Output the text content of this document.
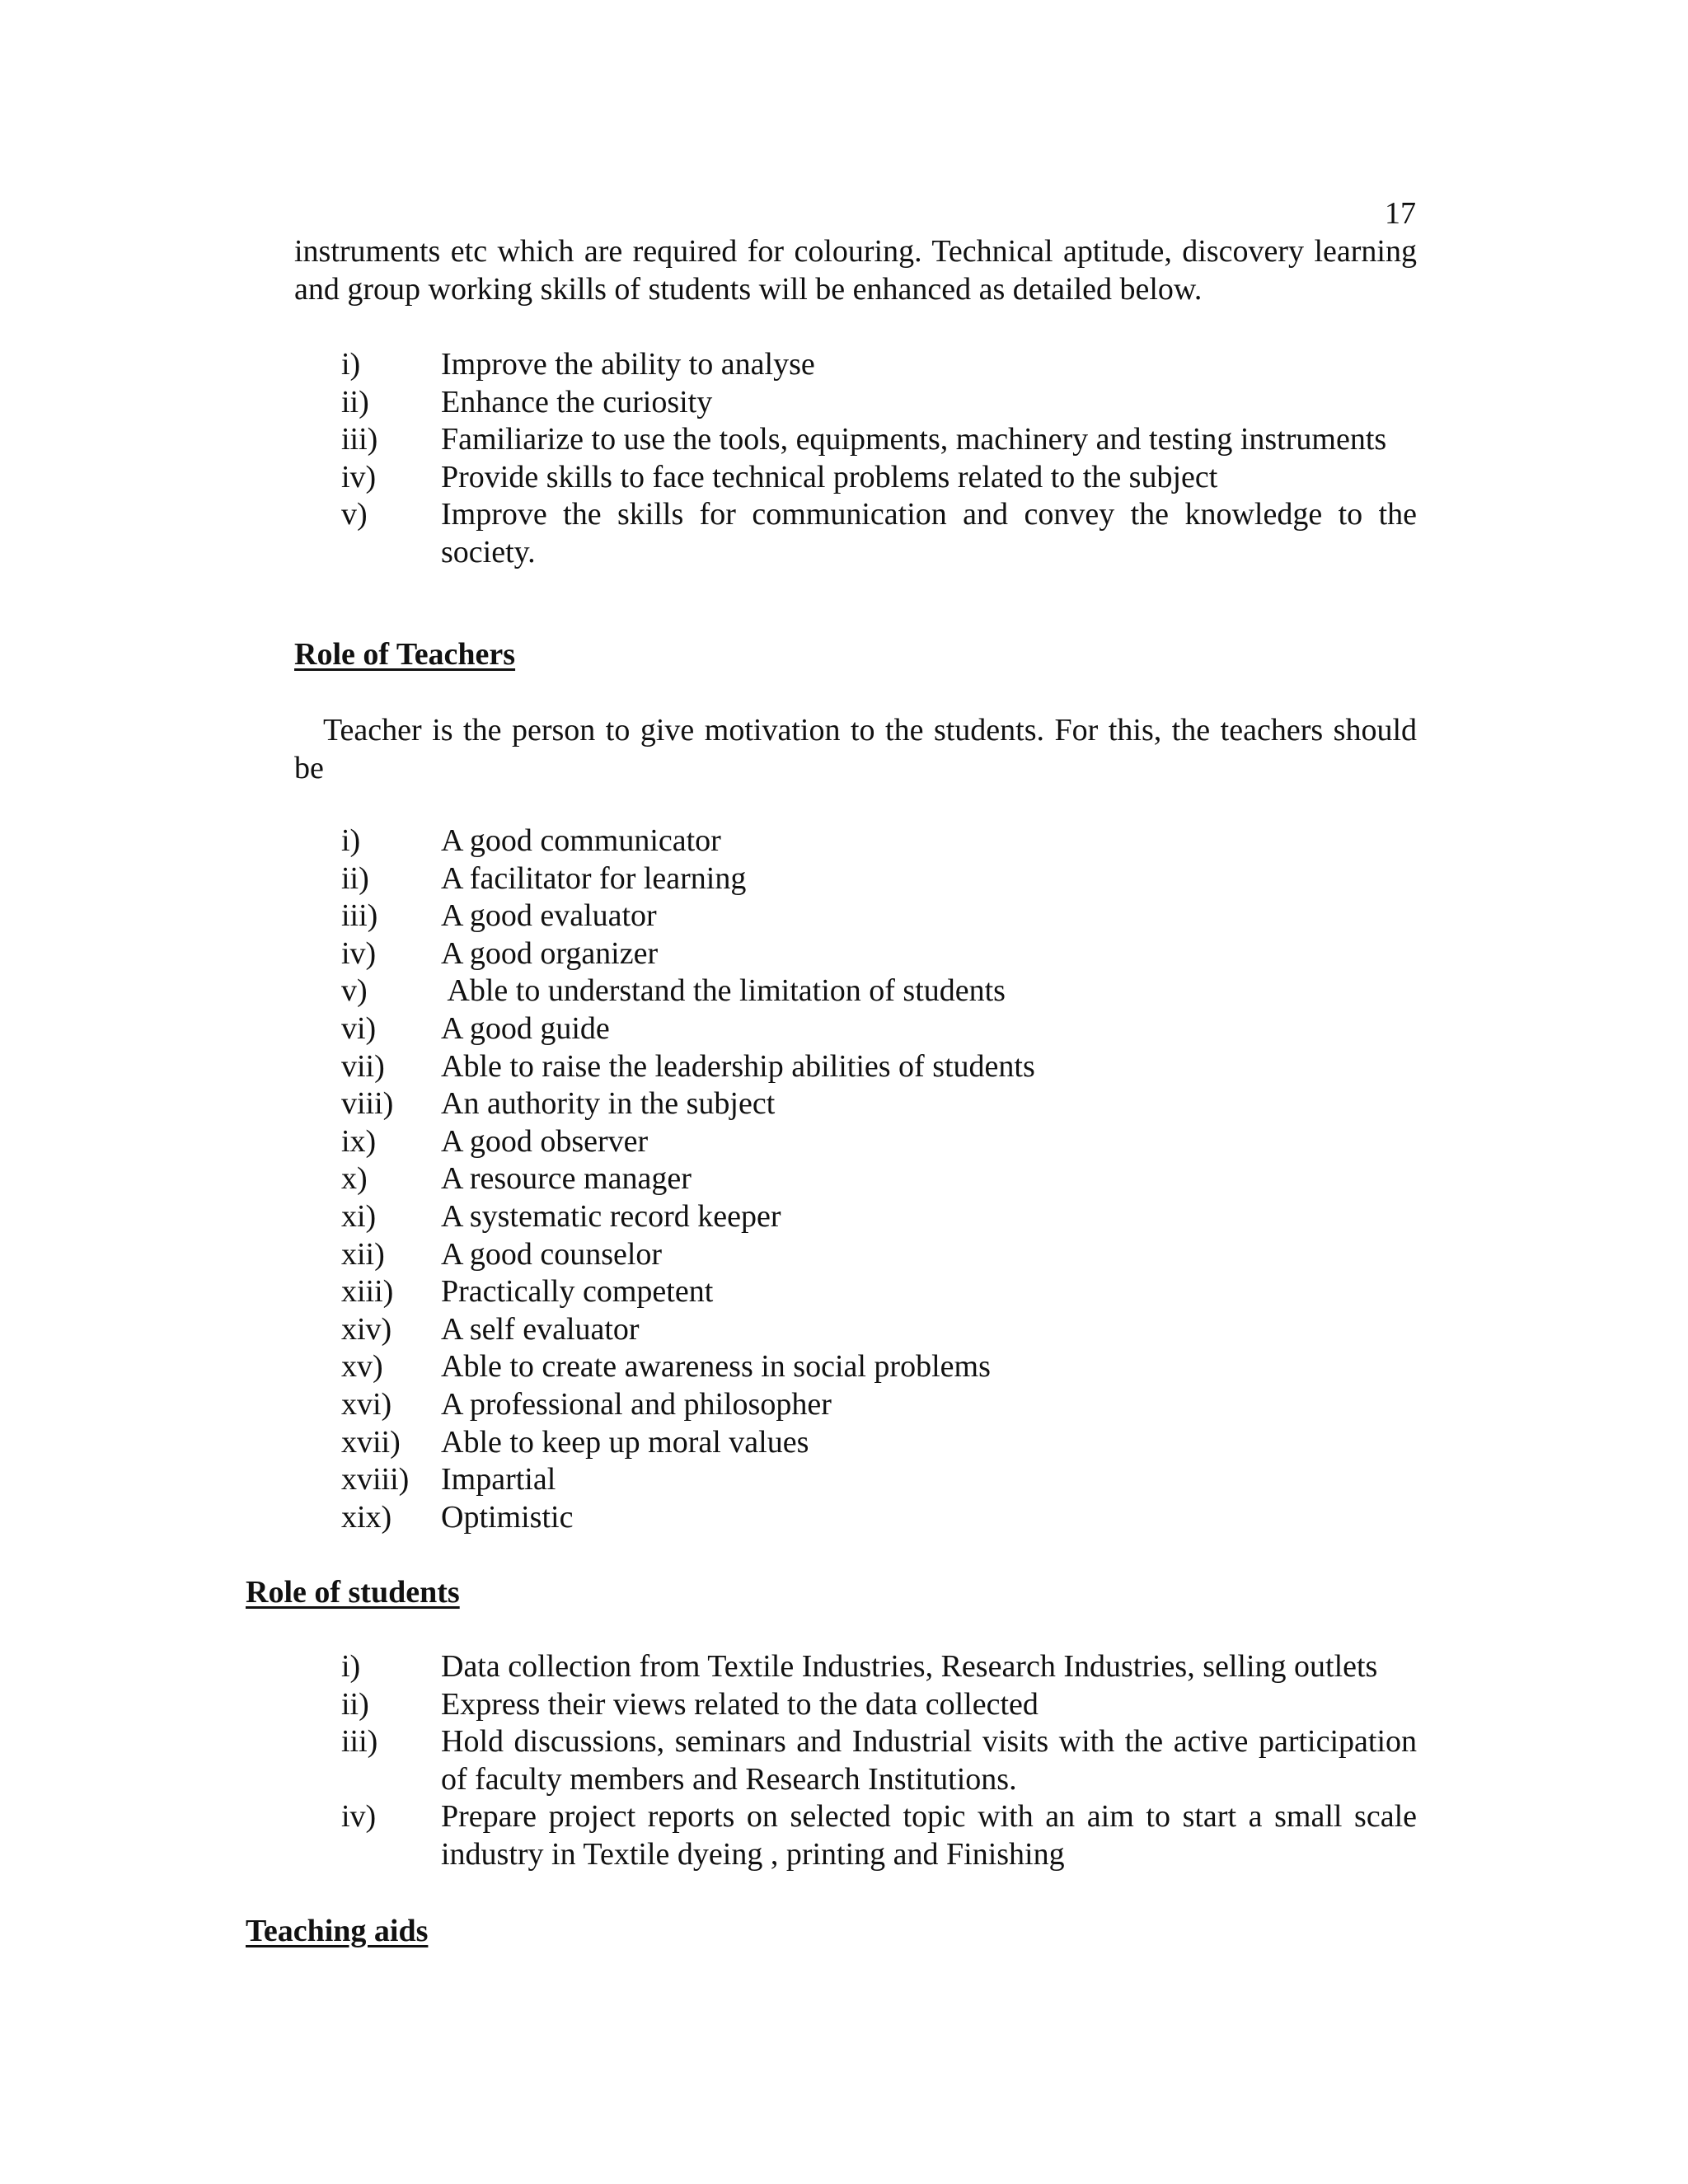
17

instruments etc which are required for colouring. Technical aptitude, discovery learning and group working skills of students will be enhanced as detailed below.

i)	Improve the ability to analyse
ii)	Enhance the curiosity
iii)	Familiarize to use the tools, equipments, machinery and testing instruments
iv)	Provide skills to face technical problems related to the subject
v)	Improve the skills for communication and convey the knowledge to the society.
Role of Teachers

Teacher is the person to give motivation to the students. For this, the teachers should be

i)	A good communicator
ii)	A facilitator for learning
iii)	A good evaluator
iv)	A good organizer
v)	Able to understand the limitation of students
vi)	A good guide
vii)	Able to raise the leadership abilities of students
viii)	An authority in the subject
ix)	A good observer
x)	A resource manager
xi)	A systematic record keeper
xii)	A good counselor
xiii)	Practically competent
xiv)	A self evaluator
xv)	Able to create awareness in social problems
xvi)	A professional and philosopher
xvii)	Able to keep up moral values
xviii)	Impartial
xix)	Optimistic
Role of students
i)	Data collection from Textile Industries, Research Industries, selling outlets
ii)	Express their views related to the data collected
iii)	Hold discussions, seminars and Industrial visits with the active participation of faculty members and Research Institutions.
iv)	Prepare project reports on selected topic with an aim to start a small scale industry in Textile dyeing , printing and Finishing
Teaching aids
